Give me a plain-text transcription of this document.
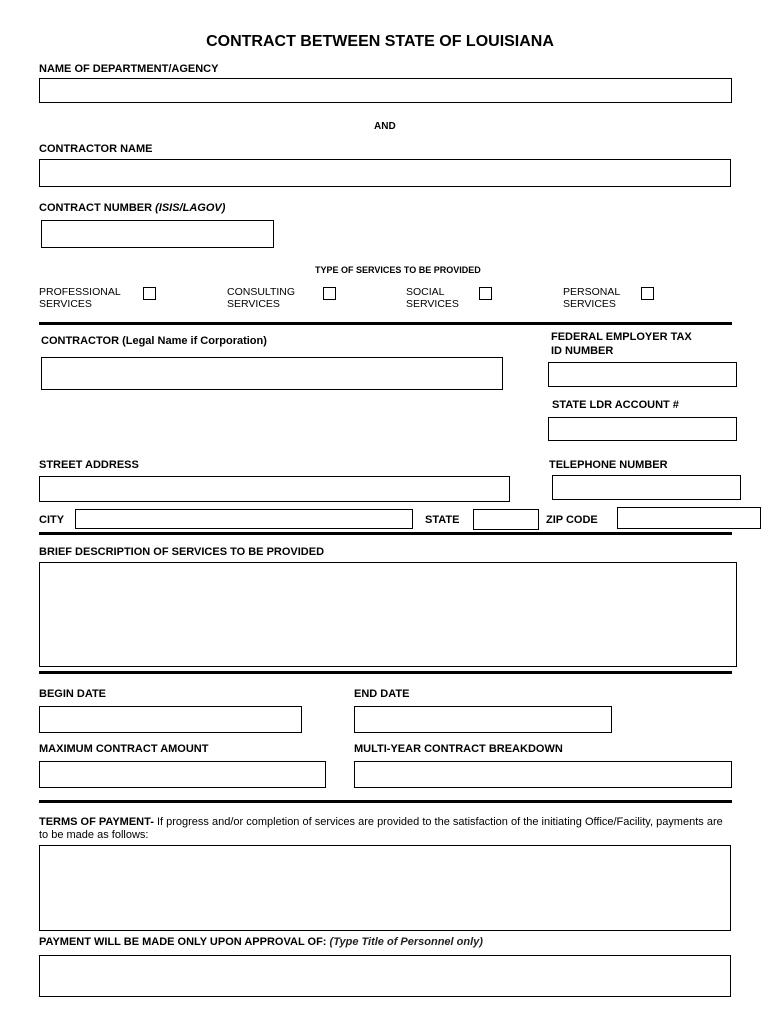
CONTRACT BETWEEN STATE OF LOUISIANA
NAME OF DEPARTMENT/AGENCY
AND
CONTRACTOR NAME
CONTRACT NUMBER (ISIS/LAGOV)
TYPE OF SERVICES TO BE PROVIDED
PROFESSIONAL
SERVICES
CONSULTING
SERVICES
SOCIAL
SERVICES
PERSONAL
SERVICES
CONTRACTOR (Legal Name if Corporation)	FEDERAL EMPLOYER TAX
ID NUMBER
STATE LDR ACCOUNT #
STREET ADDRESS	TELEPHONE NUMBER
CITY	STATE	ZIP CODE
BRIEF DESCRIPTION OF SERVICES TO BE PROVIDED
BEGIN DATE	END DATE
MAXIMUM CONTRACT AMOUNT	MULTI-YEAR CONTRACT BREAKDOWN
TERMS OF PAYMENT- If progress and/or completion of services are provided to the satisfaction of the initiating Office/Facility, payments are to be made as follows:
PAYMENT WILL BE MADE ONLY UPON APPROVAL OF: (Type Title of Personnel only)
